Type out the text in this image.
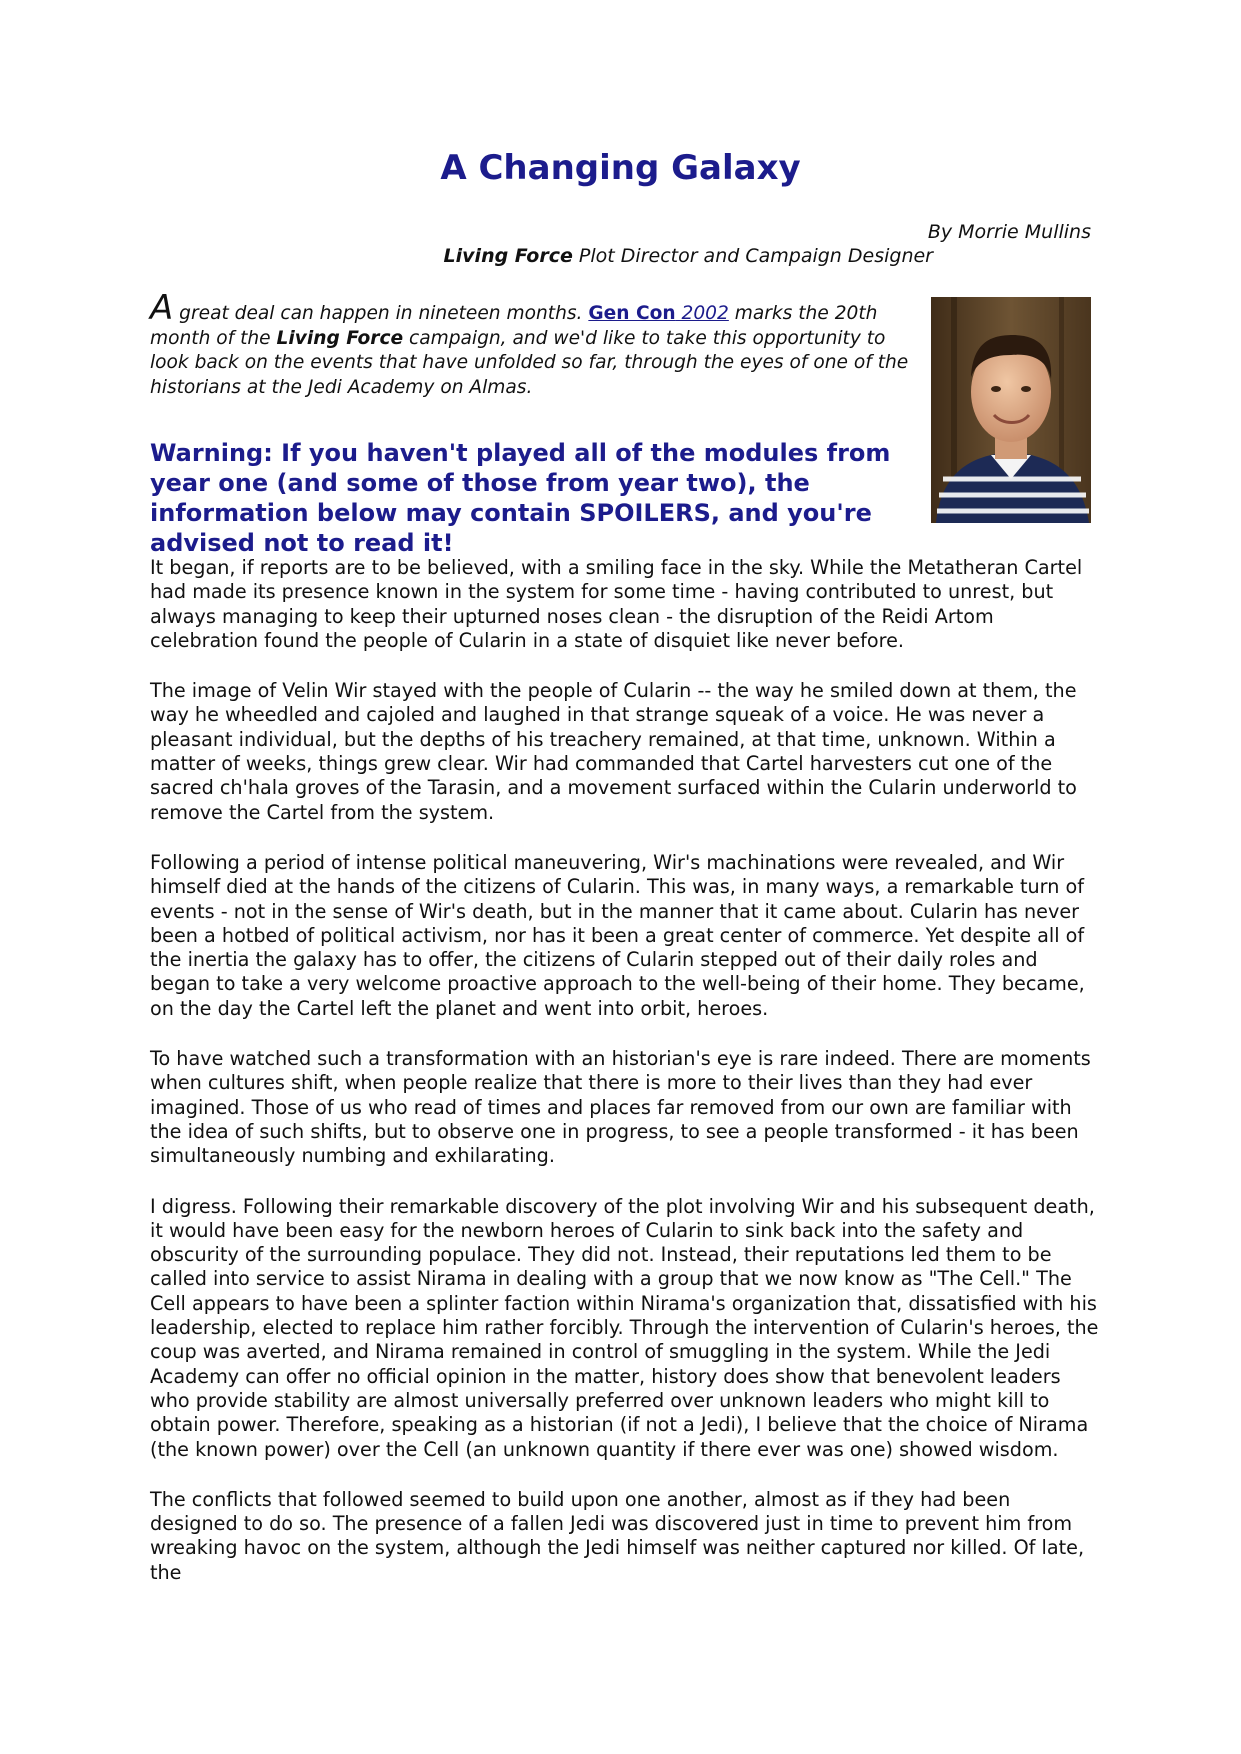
A Changing Galaxy
By Morrie Mullins
Living Force Plot Director and Campaign Designer

A great deal can happen in nineteen months. Gen Con 2002 marks the 20th month of the Living Force campaign, and we'd like to take this opportunity to look back on the events that have unfolded so far, through the eyes of one of the historians at the Jedi Academy on Almas.

Warning: If you haven't played all of the modules from year one (and some of those from year two), the information below may contain SPOILERS, and you're advised not to read it!

It began, if reports are to be believed, with a smiling face in the sky. While the Metatheran Cartel had made its presence known in the system for some time - having contributed to unrest, but always managing to keep their upturned noses clean - the disruption of the Reidi Artom celebration found the people of Cularin in a state of disquiet like never before.

The image of Velin Wir stayed with the people of Cularin -- the way he smiled down at them, the way he wheedled and cajoled and laughed in that strange squeak of a voice. He was never a pleasant individual, but the depths of his treachery remained, at that time, unknown. Within a matter of weeks, things grew clear. Wir had commanded that Cartel harvesters cut one of the sacred ch'hala groves of the Tarasin, and a movement surfaced within the Cularin underworld to remove the Cartel from the system.

Following a period of intense political maneuvering, Wir's machinations were revealed, and Wir himself died at the hands of the citizens of Cularin. This was, in many ways, a remarkable turn of events - not in the sense of Wir's death, but in the manner that it came about. Cularin has never been a hotbed of political activism, nor has it been a great center of commerce. Yet despite all of the inertia the galaxy has to offer, the citizens of Cularin stepped out of their daily roles and began to take a very welcome proactive approach to the well-being of their home. They became, on the day the Cartel left the planet and went into orbit, heroes.

To have watched such a transformation with an historian's eye is rare indeed. There are moments when cultures shift, when people realize that there is more to their lives than they had ever imagined. Those of us who read of times and places far removed from our own are familiar with the idea of such shifts, but to observe one in progress, to see a people transformed - it has been simultaneously numbing and exhilarating.

I digress. Following their remarkable discovery of the plot involving Wir and his subsequent death, it would have been easy for the newborn heroes of Cularin to sink back into the safety and obscurity of the surrounding populace. They did not. Instead, their reputations led them to be called into service to assist Nirama in dealing with a group that we now know as "The Cell." The Cell appears to have been a splinter faction within Nirama's organization that, dissatisfied with his leadership, elected to replace him rather forcibly. Through the intervention of Cularin's heroes, the coup was averted, and Nirama remained in control of smuggling in the system. While the Jedi Academy can offer no official opinion in the matter, history does show that benevolent leaders who provide stability are almost universally preferred over unknown leaders who might kill to obtain power. Therefore, speaking as a historian (if not a Jedi), I believe that the choice of Nirama (the known power) over the Cell (an unknown quantity if there ever was one) showed wisdom.

The conflicts that followed seemed to build upon one another, almost as if they had been designed to do so. The presence of a fallen Jedi was discovered just in time to prevent him from wreaking havoc on the system, although the Jedi himself was neither captured nor killed. Of late, the
